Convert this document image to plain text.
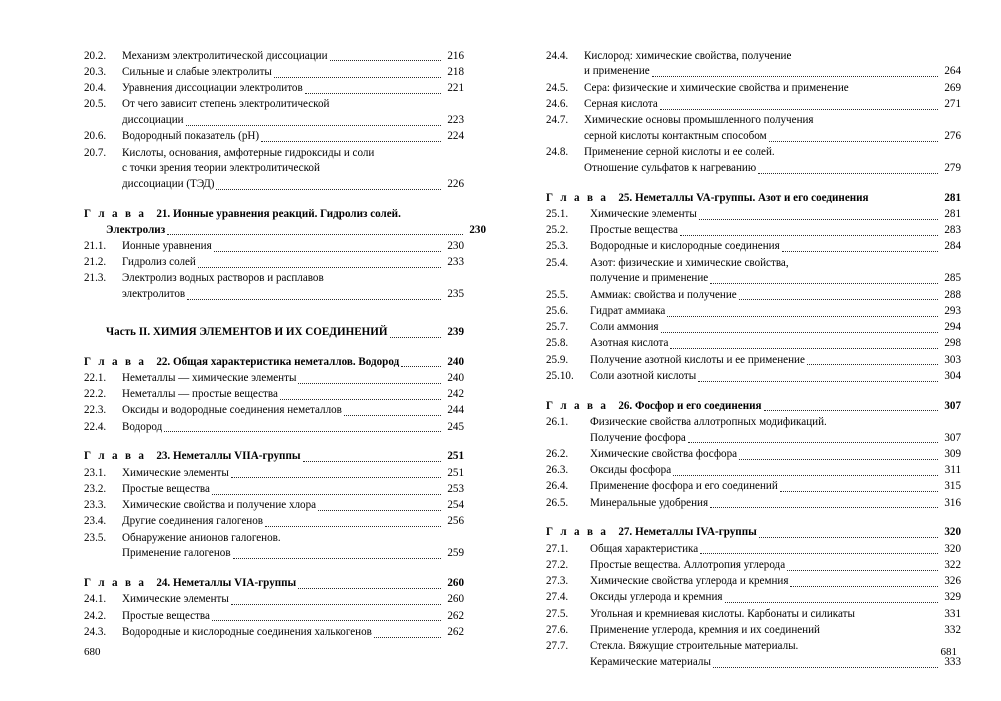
20.2.	Механизм электролитической диссоциации	216
20.3.	Сильные и слабые электролиты	218
20.4.	Уравнения диссоциации электролитов	221
20.5.	От чего зависит степень электролитической
диссоциации	223
20.6.	Водородный показатель (pH)	224
20.7.	Кислоты, основания, амфотерные гидроксиды и соли
с точки зрения теории электролитической
диссоциации (ТЭД)	226
Г л а в а 21. Ионные уравнения реакций. Гидролиз солей.
Электролиз	230
21.1.	Ионные уравнения	230
21.2.	Гидролиз солей	233
21.3.	Электролиз водных растворов и расплавов
электролитов	235
Часть II. ХИМИЯ ЭЛЕМЕНТОВ И ИХ СОЕДИНЕНИЙ	239
Г л а в а 22. Общая характеристика неметаллов. Водород	240
22.1.	Неметаллы — химические элементы	240
22.2.	Неметаллы — простые вещества	242
22.3.	Оксиды и водородные соединения неметаллов	244
22.4.	Водород	245
Г л а в а 23. Неметаллы VIIА-группы	251
23.1.	Химические элементы	251
23.2.	Простые вещества	253
23.3.	Химические свойства и получение хлора	254
23.4.	Другие соединения галогенов	256
23.5.	Обнаружение анионов галогенов.
Применение галогенов	259
Г л а в а 24. Неметаллы VIА-группы	260
24.1.	Химические элементы	260
24.2.	Простые вещества	262
24.3.	Водородные и кислородные соединения халькогенов	262
680
24.4.	Кислород: химические свойства, получение
и применение	264
24.5.	Сера: физические и химические свойства и применение	269
24.6.	Серная кислота	271
24.7.	Химические основы промышленного получения
серной кислоты контактным способом	276
24.8.	Применение серной кислоты и ее солей.
Отношение сульфатов к нагреванию	279
Г л а в а 25. Неметаллы VA-группы. Азот и его соединения	281
25.1.	Химические элементы	281
25.2.	Простые вещества	283
25.3.	Водородные и кислородные соединения	284
25.4.	Азот: физические и химические свойства,
получение и применение	285
25.5.	Аммиак: свойства и получение	288
25.6.	Гидрат аммиака	293
25.7.	Соли аммония	294
25.8.	Азотная кислота	298
25.9.	Получение азотной кислоты и ее применение	303
25.10.	Соли азотной кислоты	304
Г л а в а 26. Фосфор и его соединения	307
26.1.	Физические свойства аллотропных модификаций.
Получение фосфора	307
26.2.	Химические свойства фосфора	309
26.3.	Оксиды фосфора	311
26.4.	Применение фосфора и его соединений	315
26.5.	Минеральные удобрения	316
Г л а в а 27. Неметаллы IVA-группы	320
27.1.	Общая характеристика	320
27.2.	Простые вещества. Аллотропия углерода	322
27.3.	Химические свойства углерода и кремния	326
27.4.	Оксиды углерода и кремния	329
27.5.	Угольная и кремниевая кислоты. Карбонаты и силикаты	331
27.6.	Применение углерода, кремния и их соединений	332
27.7.	Стекла. Вяжущие строительные материалы.
Керамические материалы	333
681
